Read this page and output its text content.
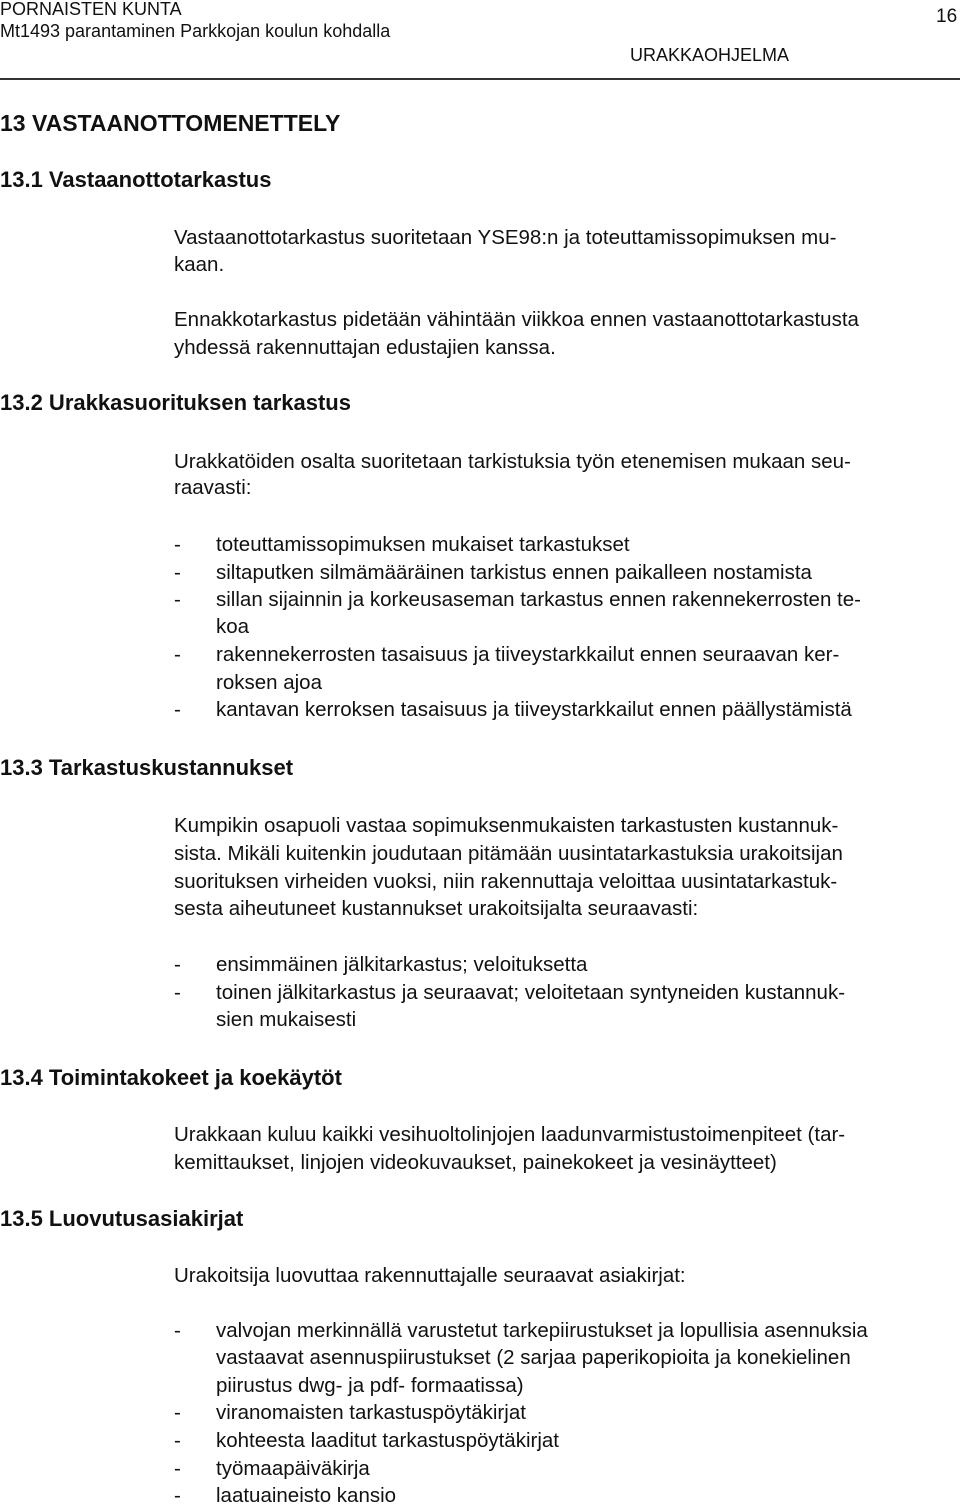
PORNAISTEN KUNTA
Mt1493 parantaminen Parkkojan koulun kohdalla
16
URAKKAOHJELMA
13 VASTAANOTTOMENETTELY
13.1 Vastaanottotarkastus
Vastaanottotarkastus suoritetaan YSE98:n ja toteuttamissopimuksen mu-
kaan.
Ennakkotarkastus pidetään vähintään viikkoa ennen vastaanottotarkastusta
yhdessä rakennuttajan edustajien kanssa.
13.2 Urakkasuorituksen tarkastus
Urakkatöiden osalta suoritetaan tarkistuksia työn etenemisen mukaan seu-
raavasti:
- toteuttamissopimuksen mukaiset tarkastukset
- siltaputken silmämääräinen tarkistus ennen paikalleen nostamista
- sillan sijainnin ja korkeusaseman tarkastus ennen rakennekerrosten te-
koa
- rakennekerrosten tasaisuus ja tiiveystarkkailut ennen seuraavan ker-
roksen ajoa
- kantavan kerroksen tasaisuus ja tiiveystarkkailut ennen päällystämistä
13.3 Tarkastuskustannukset
Kumpikin osapuoli vastaa sopimuksenmukaisten tarkastusten kustannuk-
sista. Mikäli kuitenkin joudutaan pitämään uusintatarkastuksia urakoitsijan
suorituksen virheiden vuoksi, niin rakennuttaja veloittaa uusintatarkastuk-
sesta aiheutuneet kustannukset urakoitsijalta seuraavasti:
- ensimmäinen jälkitarkastus; veloituksetta
- toinen jälkitarkastus ja seuraavat; veloitetaan syntyneiden kustannuk-
sien mukaisesti
13.4 Toimintakokeet ja koekäytöt
Urakkaan kuluu kaikki vesihuoltolinjojen laadunvarmistustoimenpiteet (tar-
kemittaukset, linjojen videokuvaukset, painekokeet ja vesinäytteet)
13.5 Luovutusasiakirjat
Urakoitsija luovuttaa rakennuttajalle seuraavat asiakirjat:
- valvojan merkinnällä varustetut tarkepiirustukset ja lopullisia asennuksia
vastaavat asennuspiirustukset (2 sarjaa paperikopioita ja konekielinen
piirustus dwg- ja pdf- formaatissa)
- viranomaisten tarkastuspöytäkirjat
- kohteesta laaditut tarkastuspöytäkirjat
- työmaapäiväkirja
- laatuaineisto kansio
